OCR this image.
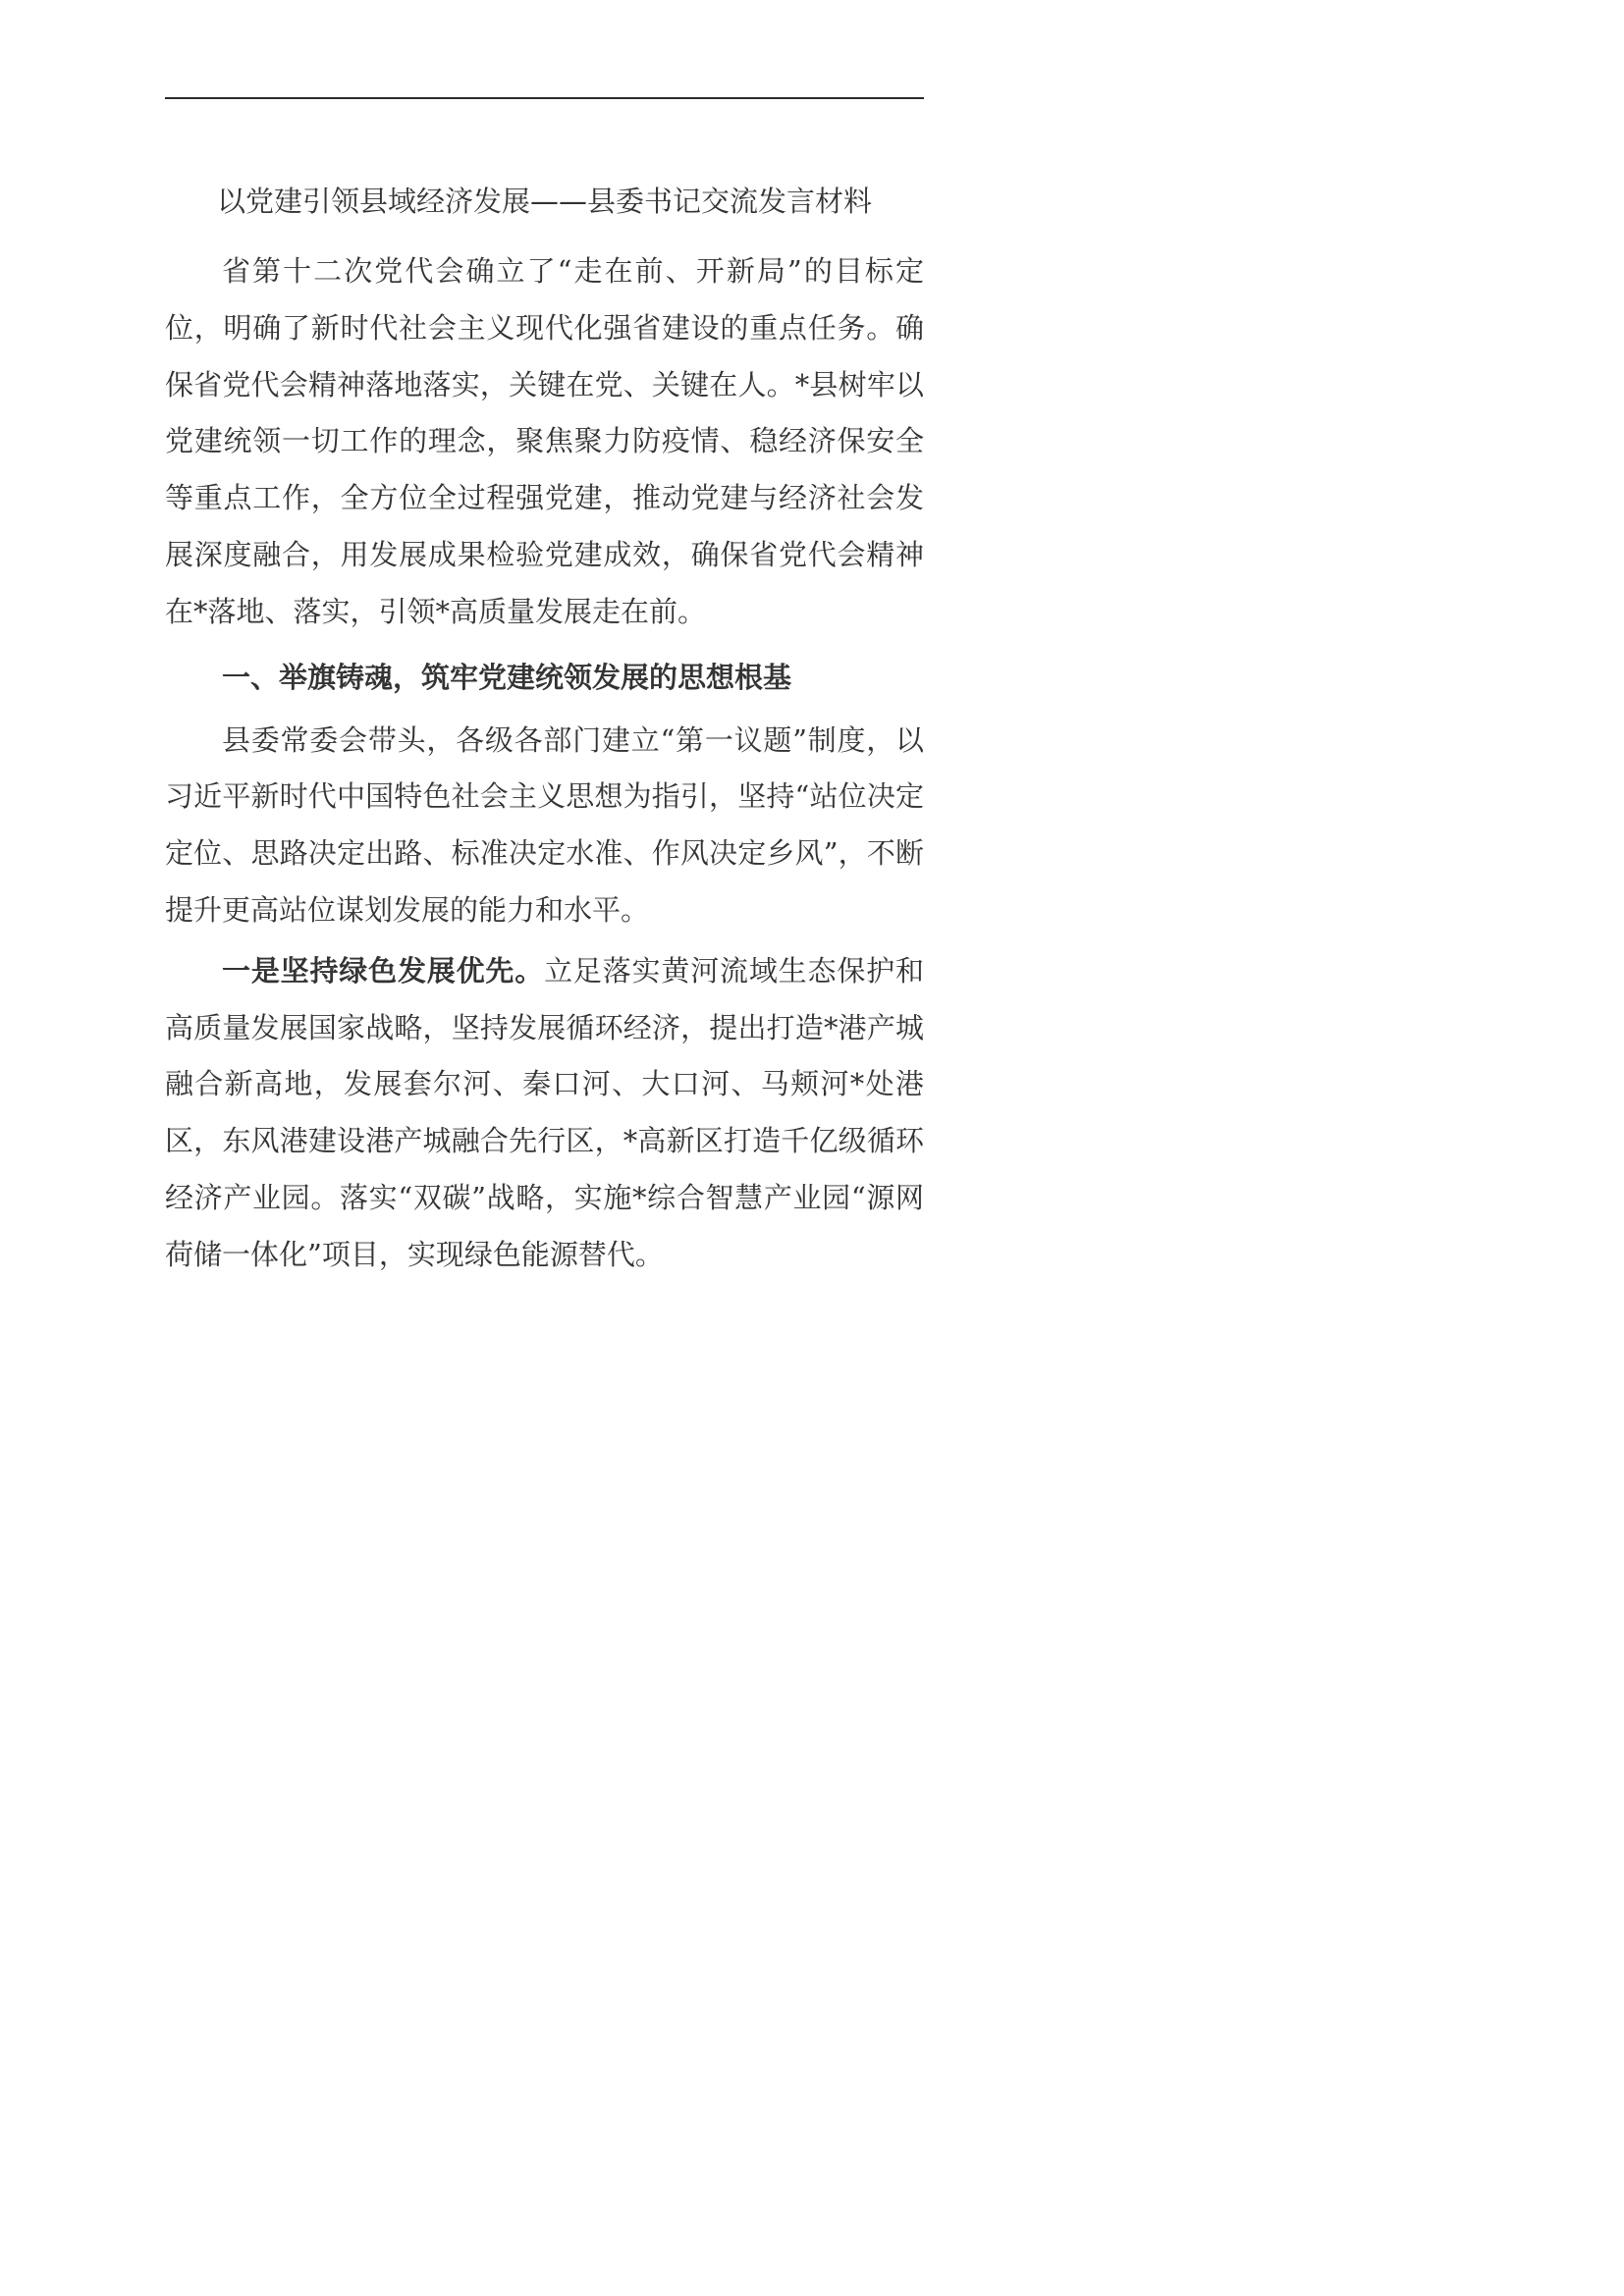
以党建引领县域经济发展——县委书记交流发言材料

省第十二次党代会确立了“走在前、开新局”的目标定位，明确了新时代社会主义现代化强省建设的重点任务。确保省党代会精神落地落实，关键在党、关键在人。*县树牢以党建统领一切工作的理念，聚焦聚力防疫情、稳经济保安全等重点工作，全方位全过程强党建，推动党建与经济社会发展深度融合，用发展成果检验党建成效，确保省党代会精神在*落地、落实，引领*高质量发展走在前。

一、举旗铸魂，筑牢党建统领发展的思想根基

县委常委会带头，各级各部门建立“第一议题”制度，以习近平新时代中国特色社会主义思想为指引，坚持“站位决定定位、思路决定出路、标准决定水准、作风决定乡风”，不断提升更高站位谋划发展的能力和水平。

一是坚持绿色发展优先。立足落实黄河流域生态保护和高质量发展国家战略，坚持发展循环经济，提出打造*港产城融合新高地，发展套尔河、秦口河、大口河、马颊河*处港区，东风港建设港产城融合先行区，*高新区打造千亿级循环经济产业园。落实“双碳”战略，实施*综合智慧产业园“源网荷储一体化”项目，实现绿色能源替代。
